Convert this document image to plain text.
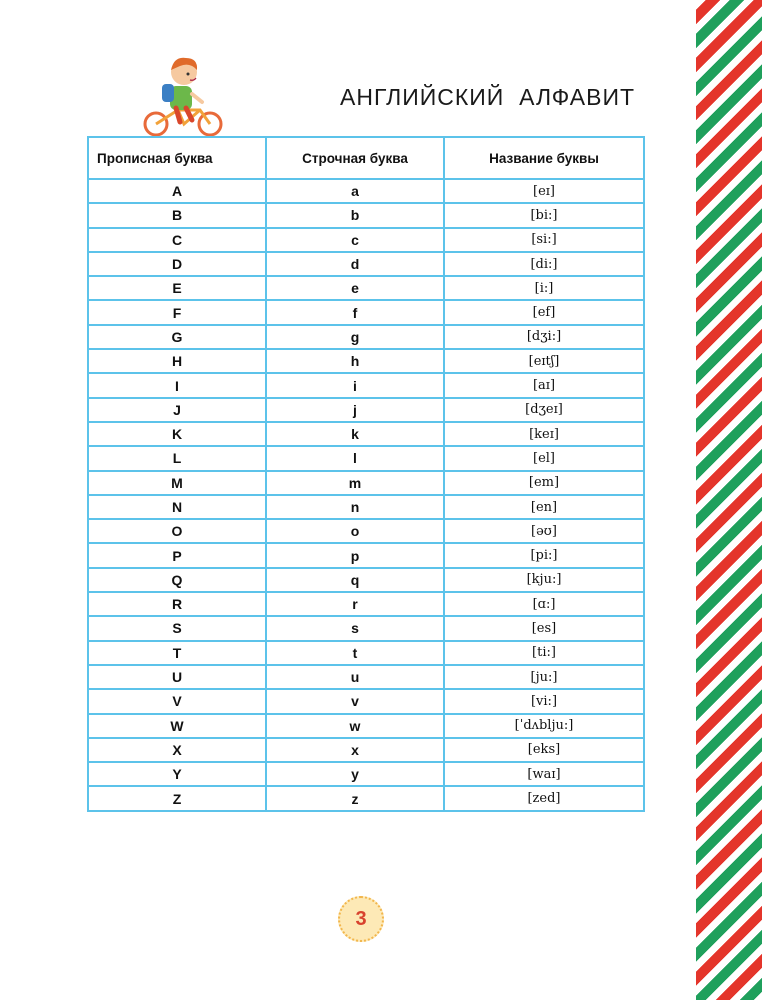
АНГЛИЙСКИЙ  АЛФАВИТ
Прописная буква	Строчная буква	Название буквы
A	a	[eɪ]
B	b	[bi:]
C	c	[si:]
D	d	[di:]
E	e	[i:]
F	f	[ef]
G	g	[dʒi:]
H	h	[eɪtʃ]
I	i	[aɪ]
J	j	[dʒeɪ]
K	k	[keɪ]
L	l	[el]
M	m	[em]
N	n	[en]
O	o	[əʊ]
P	p	[pi:]
Q	q	[kju:]
R	r	[ɑ:]
S	s	[es]
T	t	[ti:]
U	u	[ju:]
V	v	[vi:]
W	w	[ˈdʌblju:]
X	x	[eks]
Y	y	[waɪ]
Z	z	[zed]
3
